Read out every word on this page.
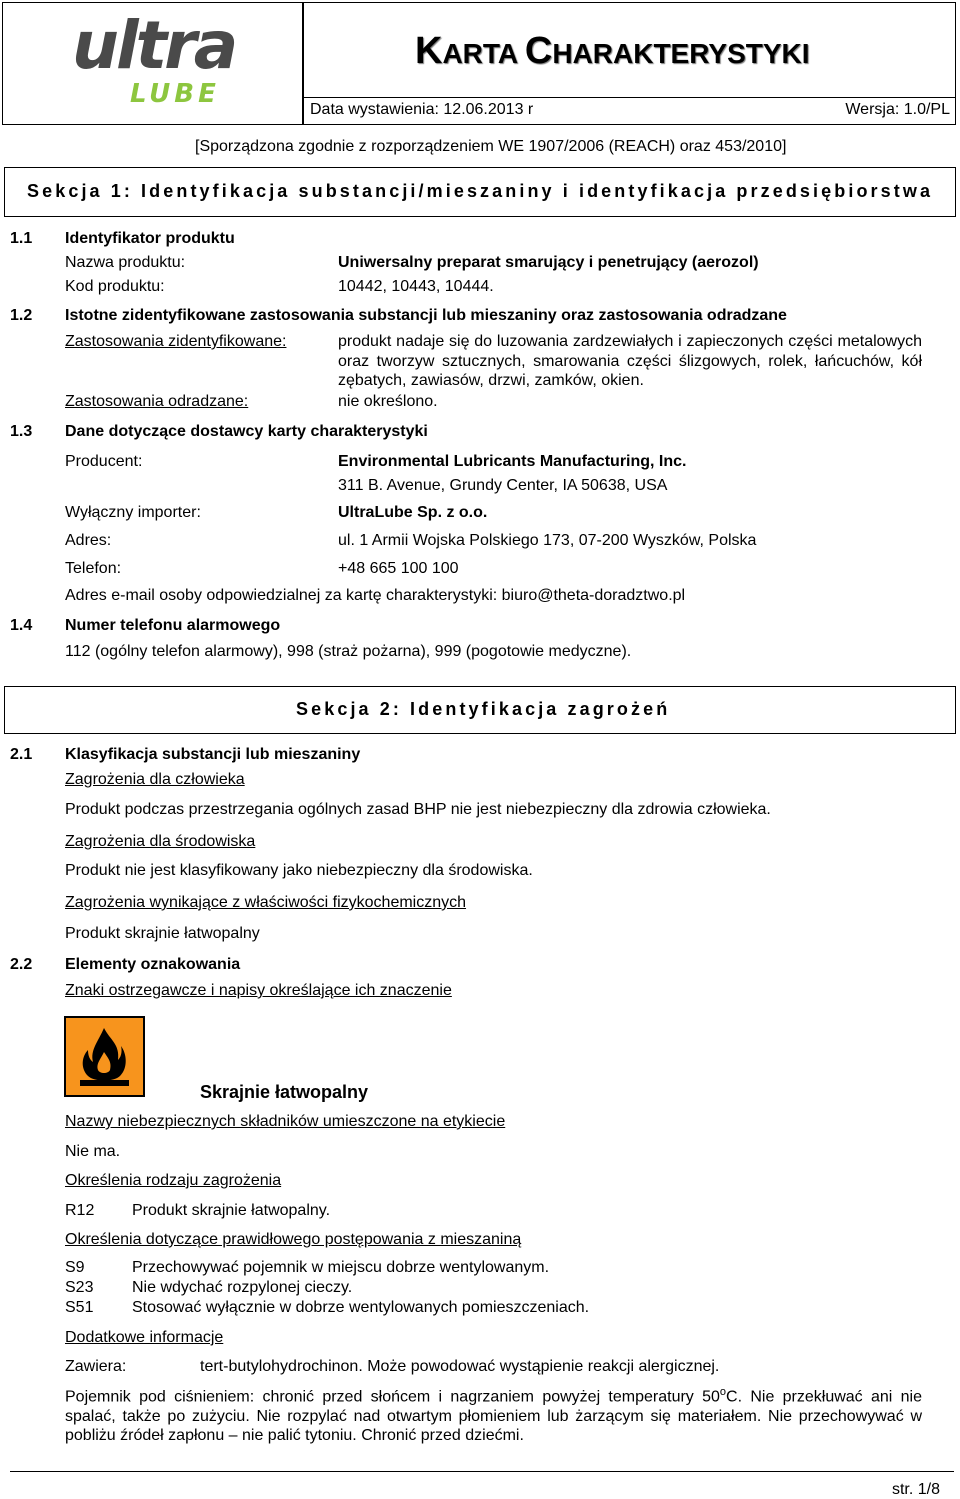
ultra
LUBE
KARTA CHARAKTERYSTYKI
Data wystawienia: 12.06.2013 r	Wersja: 1.0/PL
[Sporządzona zgodnie z rozporządzeniem WE 1907/2006 (REACH) oraz 453/2010]
Sekcja 1: Identyfikacja substancji/mieszaniny i identyfikacja przedsiębiorstwa
1.1 Identyfikator produktu
Nazwa produktu:	Uniwersalny preparat smarujący i penetrujący (aerozol)
Kod produktu:	10442, 10443, 10444.
1.2 Istotne zidentyfikowane zastosowania substancji lub mieszaniny oraz zastosowania odradzane
Zastosowania zidentyfikowane:	produkt nadaje się do luzowania zardzewiałych i zapieczonych części metalowych oraz tworzyw sztucznych, smarowania części ślizgowych, rolek, łańcuchów, kół zębatych, zawiasów, drzwi, zamków, okien.
Zastosowania odradzane:	nie określono.
1.3 Dane dotyczące dostawcy karty charakterystyki
Producent:	Environmental Lubricants Manufacturing, Inc.
311 B. Avenue, Grundy Center, IA 50638, USA
Wyłączny importer:	UltraLube Sp. z o.o.
Adres:	ul. 1 Armii Wojska Polskiego 173, 07-200 Wyszków, Polska
Telefon:	+48 665 100 100
Adres e-mail osoby odpowiedzialnej za kartę charakterystyki: biuro@theta-doradztwo.pl
1.4 Numer telefonu alarmowego
112 (ogólny telefon alarmowy), 998 (straż pożarna), 999 (pogotowie medyczne).
Sekcja 2: Identyfikacja zagrożeń
2.1 Klasyfikacja substancji lub mieszaniny
Zagrożenia dla człowieka
Produkt podczas przestrzegania ogólnych zasad BHP nie jest niebezpieczny dla zdrowia człowieka.
Zagrożenia dla środowiska
Produkt nie jest klasyfikowany jako niebezpieczny dla środowiska.
Zagrożenia wynikające z właściwości fizykochemicznych
Produkt skrajnie łatwopalny
2.2 Elementy oznakowania
Znaki ostrzegawcze i napisy określające ich znaczenie
Skrajnie łatwopalny
Nazwy niebezpiecznych składników umieszczone na etykiecie
Nie ma.
Określenia rodzaju zagrożenia
R12 Produkt skrajnie łatwopalny.
Określenia dotyczące prawidłowego postępowania z mieszaniną
S9	Przechowywać pojemnik w miejscu dobrze wentylowanym.
S23 Nie wdychać rozpylonej cieczy.
S51 Stosować wyłącznie w dobrze wentylowanych pomieszczeniach.
Dodatkowe informacje
Zawiera:	tert-butylohydrochinon. Może powodować wystąpienie reakcji alergicznej.
Pojemnik pod ciśnieniem: chronić przed słońcem i nagrzaniem powyżej temperatury 50$^o$C. Nie przekłuwać ani nie spalać, także po zużyciu. Nie rozpylać nad otwartym płomieniem lub żarzącym się materiałem. Nie przechowywać w pobliżu źródeł zapłonu – nie palić tytoniu. Chronić przed dziećmi.
str. 1/8
